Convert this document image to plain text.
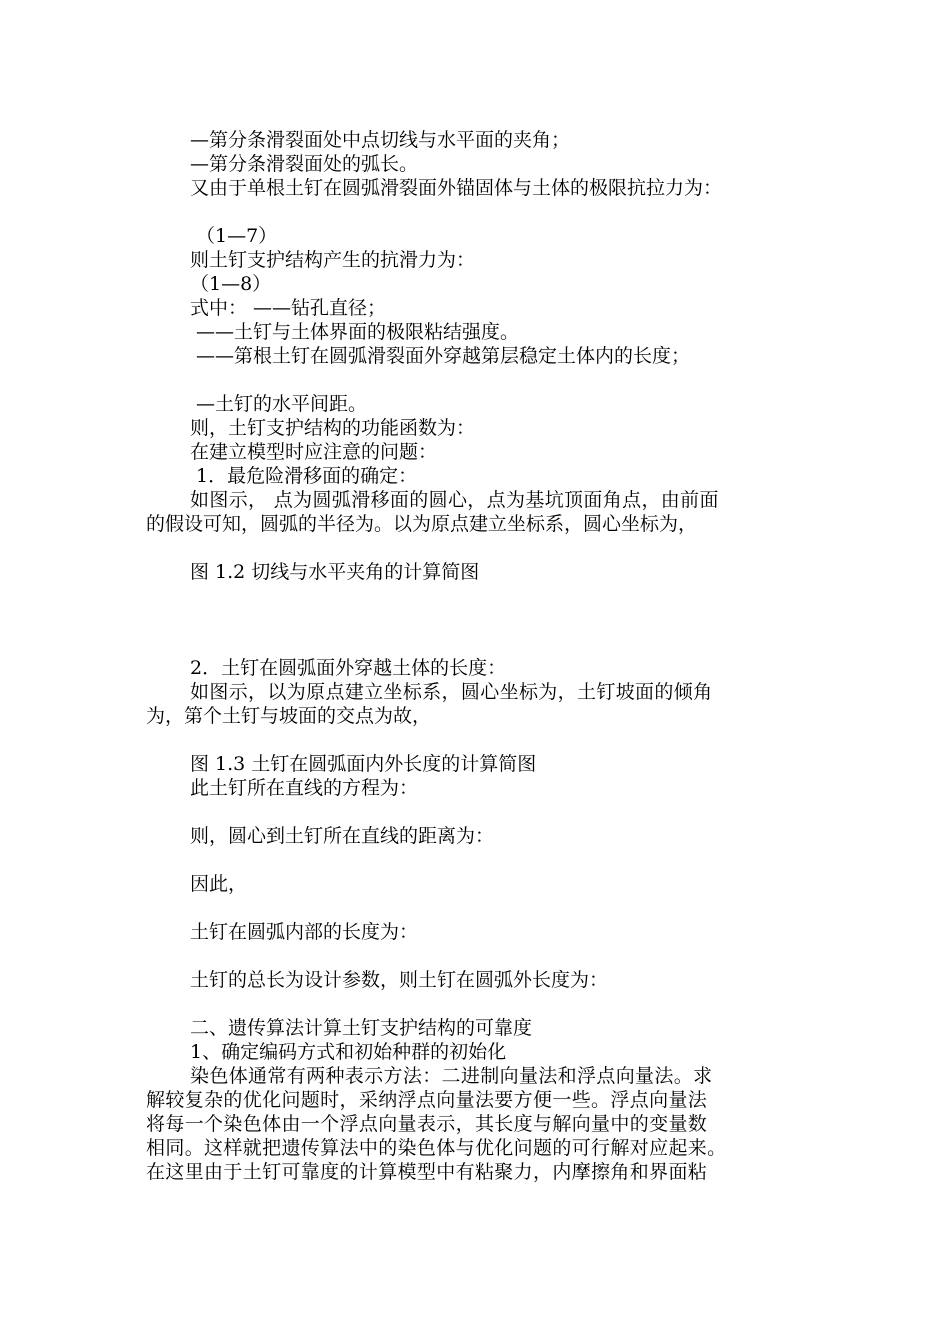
—第分条滑裂面处中点切线与水平面的夹角；
—第分条滑裂面处的弧长。
又由于单根土钉在圆弧滑裂面外锚固体与土体的极限抗拉力为：
（1—7）
则土钉支护结构产生的抗滑力为：
（1—8）
式中： ——钻孔直径；
——土钉与土体界面的极限粘结强度。
——第根土钉在圆弧滑裂面外穿越第层稳定土体内的长度；
—土钉的水平间距。
则，土钉支护结构的功能函数为：
在建立模型时应注意的问题：
1．最危险滑移面的确定：
如图示， 点为圆弧滑移面的圆心，点为基坑顶面角点，由前面
的假设可知，圆弧的半径为。以为原点建立坐标系，圆心坐标为，
图 1.2 切线与水平夹角的计算简图
2．土钉在圆弧面外穿越土体的长度：
如图示，以为原点建立坐标系，圆心坐标为，土钉坡面的倾角
为，第个土钉与坡面的交点为故，
图 1.3 土钉在圆弧面内外长度的计算简图
此土钉所在直线的方程为：
则，圆心到土钉所在直线的距离为：
因此，
土钉在圆弧内部的长度为：
土钉的总长为设计参数，则土钉在圆弧外长度为：
二、遗传算法计算土钉支护结构的可靠度
1、确定编码方式和初始种群的初始化
染色体通常有两种表示方法：二进制向量法和浮点向量法。求
解较复杂的优化问题时，采纳浮点向量法要方便一些。浮点向量法
将每一个染色体由一个浮点向量表示，其长度与解向量中的变量数
相同。这样就把遗传算法中的染色体与优化问题的可行解对应起来。
在这里由于土钉可靠度的计算模型中有粘聚力，内摩擦角和界面粘
